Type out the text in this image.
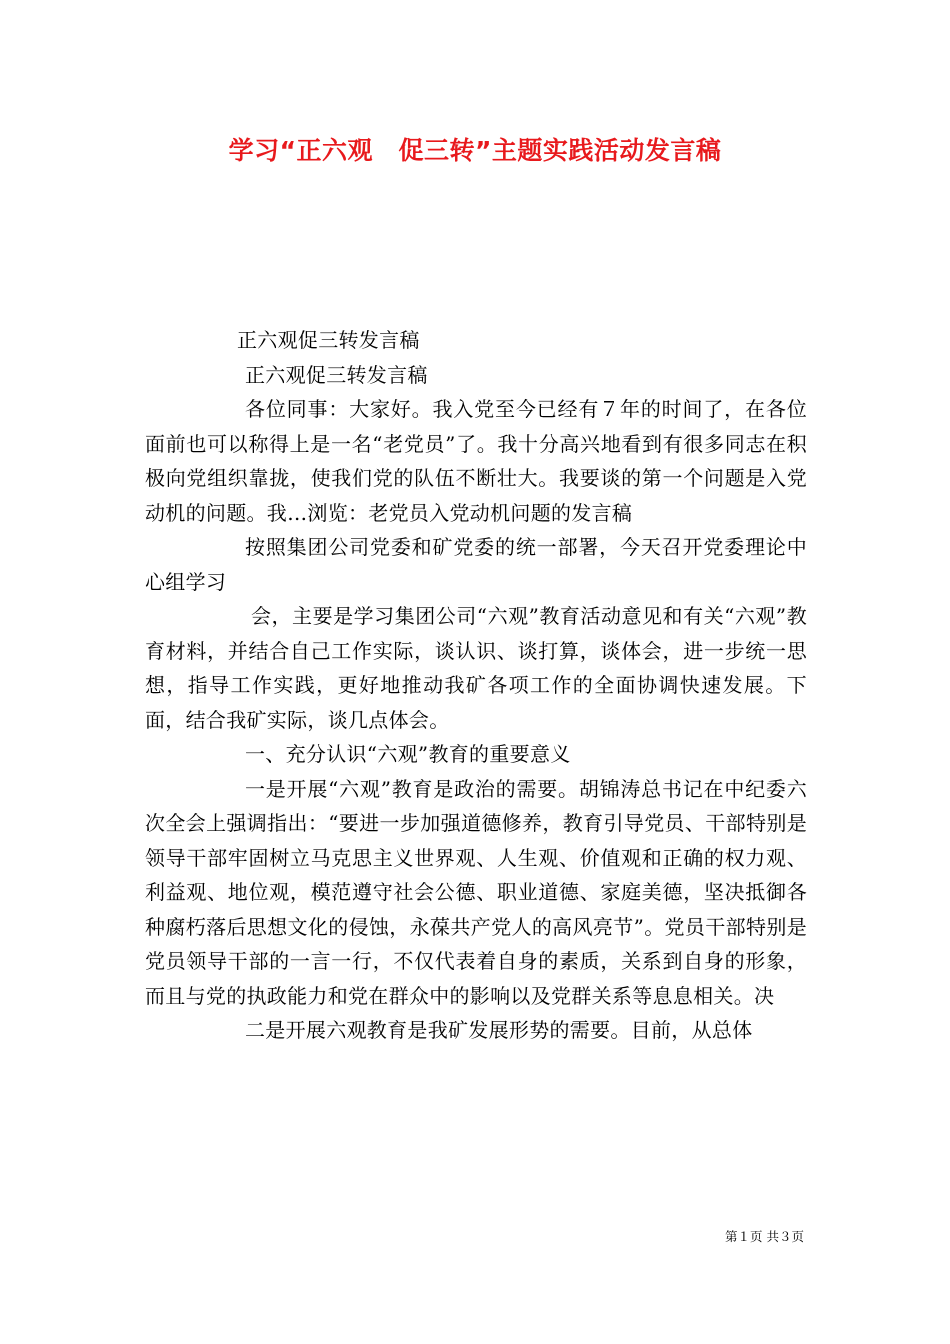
学习“正六观　促三转”主题实践活动发言稿

正六观促三转发言稿

正六观促三转发言稿

各位同事：大家好。我入党至今已经有７年的时间了，在各位面前也可以称得上是一名“老党员”了。我十分高兴地看到有很多同志在积极向党组织靠拢，使我们党的队伍不断壮大。我要谈的第一个问题是入党动机的问题。我…浏览：老党员入党动机问题的发言稿

按照集团公司党委和矿党委的统一部署，今天召开党委理论中心组学习

会，主要是学习集团公司“六观”教育活动意见和有关“六观”教育材料，并结合自己工作实际，谈认识、谈打算，谈体会，进一步统一思想，指导工作实践，更好地推动我矿各项工作的全面协调快速发展。下面，结合我矿实际，谈几点体会。

一、充分认识“六观”教育的重要意义

一是开展“六观”教育是政治的需要。胡锦涛总书记在中纪委六次全会上强调指出：“要进一步加强道德修养，教育引导党员、干部特别是领导干部牢固树立马克思主义世界观、人生观、价值观和正确的权力观、利益观、地位观，模范遵守社会公德、职业道德、家庭美德，坚决抵御各种腐朽落后思想文化的侵蚀，永葆共产党人的高风亮节”。党员干部特别是党员领导干部的一言一行，不仅代表着自身的素质，关系到自身的形象，而且与党的执政能力和党在群众中的影响以及党群关系等息息相关。决

二是开展六观教育是我矿发展形势的需要。目前，从总体

第１页 共３页
